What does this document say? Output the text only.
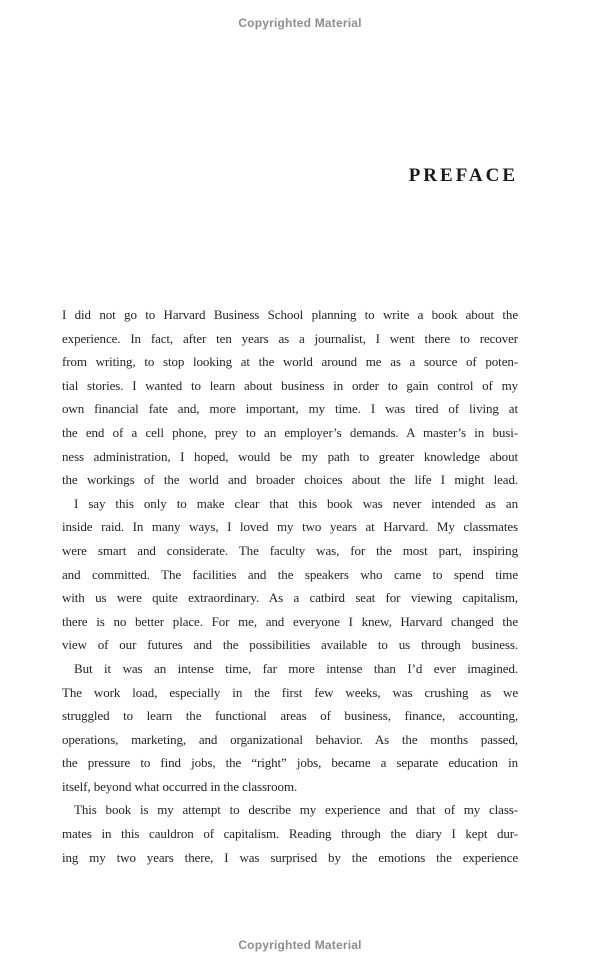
Copyrighted Material
PREFACE
I did not go to Harvard Business School planning to write a book about the
experience. In fact, after ten years as a journalist, I went there to recover
from writing, to stop looking at the world around me as a source of poten-
tial stories. I wanted to learn about business in order to gain control of my
own financial fate and, more important, my time. I was tired of living at
the end of a cell phone, prey to an employer’s demands. A master’s in busi-
ness administration, I hoped, would be my path to greater knowledge about
the workings of the world and broader choices about the life I might lead.
I say this only to make clear that this book was never intended as an
inside raid. In many ways, I loved my two years at Harvard. My classmates
were smart and considerate. The faculty was, for the most part, inspiring
and committed. The facilities and the speakers who came to spend time
with us were quite extraordinary. As a catbird seat for viewing capitalism,
there is no better place. For me, and everyone I knew, Harvard changed the
view of our futures and the possibilities available to us through business.
But it was an intense time, far more intense than I’d ever imagined.
The work load, especially in the first few weeks, was crushing as we
struggled to learn the functional areas of business, finance, accounting,
operations, marketing, and organizational behavior. As the months passed,
the pressure to find jobs, the “right” jobs, became a separate education in
itself, beyond what occurred in the classroom.
This book is my attempt to describe my experience and that of my class-
mates in this cauldron of capitalism. Reading through the diary I kept dur-
ing my two years there, I was surprised by the emotions the experience
Copyrighted Material
